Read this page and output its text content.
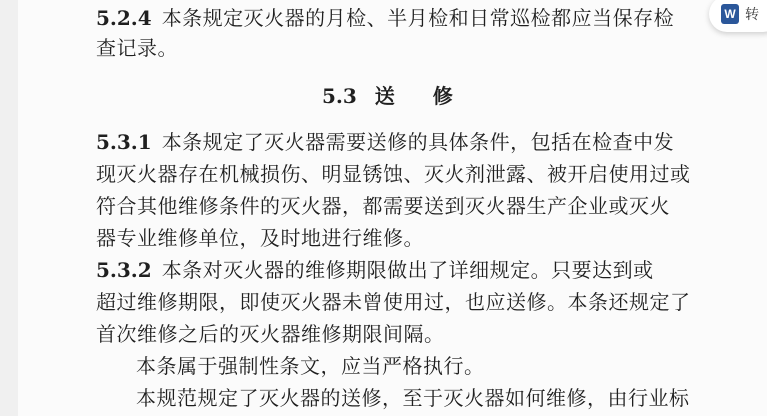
5.2.4 本条规定灭火器的月检、半月检和日常巡检都应当保存检
查记录。
5.3 送 修
5.3.1 本条规定了灭火器需要送修的具体条件，包括在检查中发
现灭火器存在机械损伤、明显锈蚀、灭火剂泄露、被开启使用过或
符合其他维修条件的灭火器，都需要送到灭火器生产企业或灭火
器专业维修单位，及时地进行维修。
5.3.2 本条对灭火器的维修期限做出了详细规定。只要达到或
超过维修期限，即使灭火器未曾使用过，也应送修。本条还规定了
首次维修之后的灭火器维修期限间隔。
本条属于强制性条文，应当严格执行。
本规范规定了灭火器的送修，至于灭火器如何维修，由行业标
W 转
